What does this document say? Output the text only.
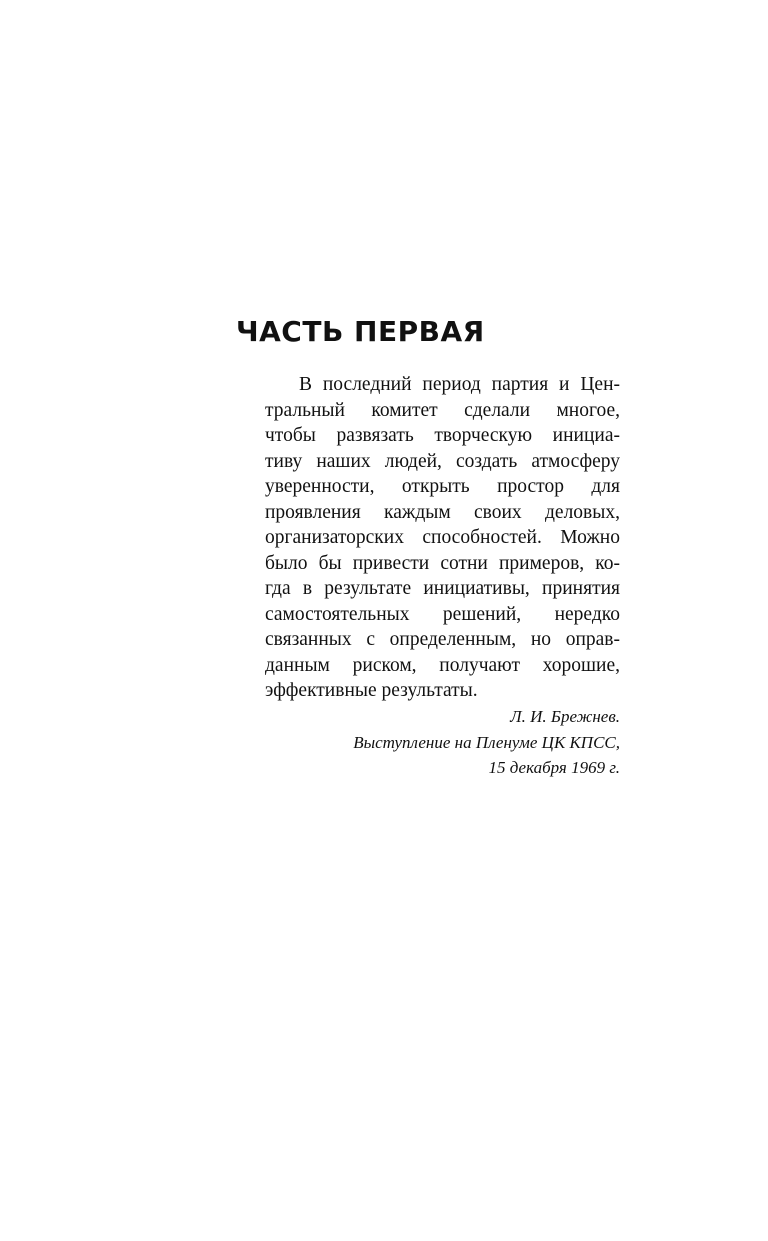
ЧАСТЬ ПЕРВАЯ
В последний период партия и Цен-
тральный комитет сделали многое,
чтобы развязать творческую инициа-
тиву наших людей, создать атмосферу
уверенности, открыть простор для
проявления каждым своих деловых,
организаторских способностей. Можно
было бы привести сотни примеров, ко-
гда в результате инициативы, принятия
самостоятельных решений, нередко
связанных с определенным, но оправ-
данным риском, получают хорошие,
эффективные результаты.
Л. И. Брежнев.
Выступление на Пленуме ЦК КПСС,
15 декабря 1969 г.
